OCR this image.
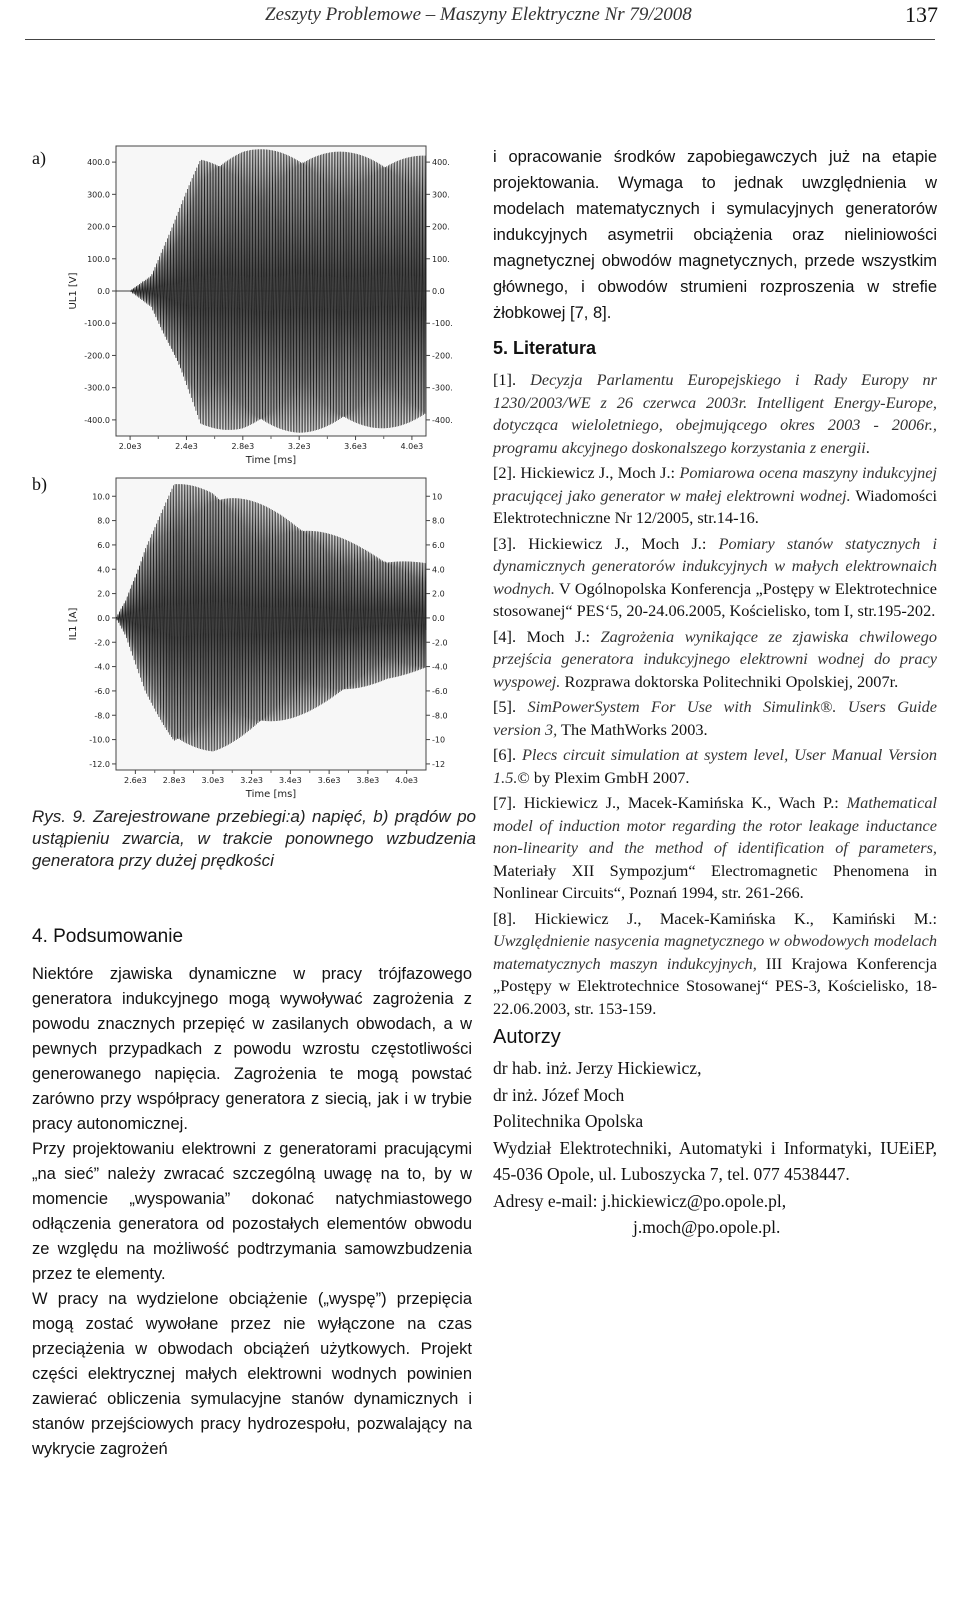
Zeszyty Problemowe – Maszyny Elektryczne Nr 79/2008	137
a)	400.0	400.
300.0	300.
200.0	200.
100.0	100.
0.0	0.0
-100.0	-100.
-200.0	-200.
-300.0	-300.
-400.0	-400.
2.0e3	2.4e3	2.8e3	3.2e3	3.6e3	4.0e3
Time [ms]
UL1 [V]
b)
10.0	10
8.0	8.0
6.0	6.0
4.0	4.0
2.0	2.0
0.0	0.0
-2.0	-2.0
-4.0	-4.0
-6.0	-6.0
-8.0	-8.0
-10.0	-10
-12.0	-12
2.6e3 2.8e3 3.0e3 3.2e3 3.4e3 3.6e3 3.8e3 4.0e3
Time [ms]
IL1 [A]
Rys. 9. Zarejestrowane przebiegi:a) napięć, b) prądów po ustąpieniu zwarcia, w trakcie ponownego wzbudzenia generatora przy dużej prędkości
4. Podsumowanie

Niektóre zjawiska dynamiczne w pracy trójfazowego generatora indukcyjnego mogą wywoływać zagrożenia z powodu znacznych przepięć w zasilanych obwodach, a w pewnych przypadkach z powodu wzrostu częstotliwości generowanego napięcia. Zagrożenia te mogą powstać zarówno przy współpracy generatora z siecią, jak i w trybie pracy autonomicznej.

Przy projektowaniu elektrowni z generatorami pracującymi „na sieć” należy zwracać szczególną uwagę na to, by w momencie „wyspowania” dokonać natychmiastowego odłączenia generatora od pozostałych elementów obwodu ze względu na możliwość podtrzymania samowzbudzenia przez te elementy.

W pracy na wydzielone obciążenie („wyspę”) przepięcia mogą zostać wywołane przez nie wyłączone na czas przeciążenia w obwodach obciążeń użytkowych. Projekt części elektrycznej małych elektrowni wodnych powinien zawierać obliczenia symulacyjne stanów dynamicznych i stanów przejściowych pracy hydrozespołu, pozwalający na wykrycie zagrożeń

i opracowanie środków zapobiegawczych już na etapie projektowania. Wymaga to jednak uwzględnienia w modelach matematycznych i symulacyjnych generatorów indukcyjnych asymetrii obciążenia oraz nieliniowości magnetycznej obwodów magnetycznych, przede wszystkim głównego, i obwodów strumieni rozproszenia w strefie żłobkowej [7, 8].

5. Literatura

[1]. Decyzja Parlamentu Europejskiego i Rady Europy nr 1230/2003/WE z 26 czerwca 2003r. Intelligent Energy-Europe, dotycząca wieloletniego, obejmującego okres 2003 - 2006r., programu akcyjnego doskonalszego korzystania z energii.

[2]. Hickiewicz J., Moch J.: Pomiarowa ocena maszyny indukcyjnej pracującej jako generator w małej elektrowni wodnej. Wiadomości Elektrotechniczne Nr 12/2005, str.14-16.

[3]. Hickiewicz J., Moch J.: Pomiary stanów statycznych i dynamicznych generatorów indukcyjnych w małych elektrownaich wodnych. V Ogólnopolska Konferencja „Postępy w Elektrotechnice stosowanej“ PES‘5, 20-24.06.2005, Kościelisko, tom I, str.195-202.

[4]. Moch J.: Zagrożenia wynikające ze zjawiska chwilowego przejścia generatora indukcyjnego elektrowni wodnej do pracy wyspowej. Rozprawa doktorska Politechniki Opolskiej, 2007r.

[5]. SimPowerSystem For Use with Simulink®. Users Guide version 3, The MathWorks 2003.

[6]. Plecs circuit simulation at system level, User Manual Version 1.5.© by Plexim GmbH 2007.

[7]. Hickiewicz J., Macek-Kamińska K., Wach P.: Mathematical model of induction motor regarding the rotor leakage inductance non-linearity and the method of identification of parameters, Materiały XII Sympozjum“ Electromagnetic Phenomena in Nonlinear Circuits“, Poznań 1994, str. 261-266.

[8]. Hickiewicz J., Macek-Kamińska K., Kamiński M.: Uwzględnienie nasycenia magnetycznego w obwodowych modelach matematycznych maszyn indukcyjnych, III Krajowa Konferencja „Postępy w Elektrotechnice Stosowanej“ PES-3, Kościelisko, 18-22.06.2003, str. 153-159.

Autorzy

dr hab. inż. Jerzy Hickiewicz,

dr inż. Józef Moch

Politechnika Opolska

Wydział Elektrotechniki, Automatyki i Informatyki, IUEiEP, 45-036 Opole, ul. Luboszycka 7, tel. 077 4538447.

Adresy e-mail: j.hickiewicz@po.opole.pl,

j.moch@po.opole.pl.
